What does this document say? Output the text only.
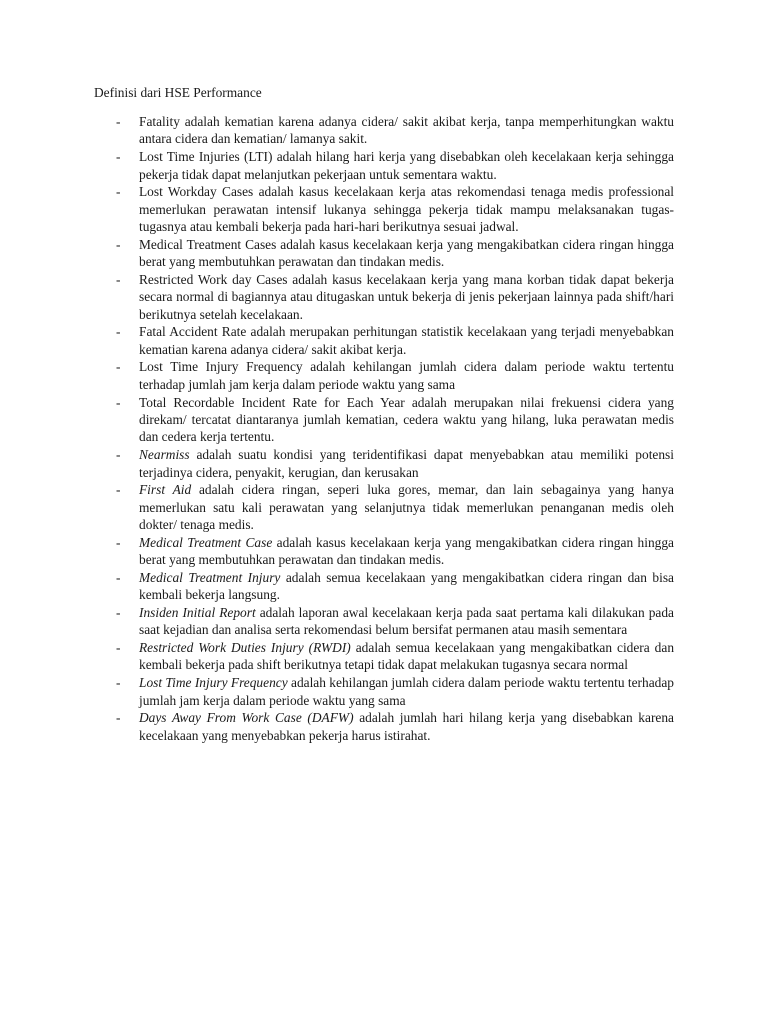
Definisi dari HSE Performance
- Fatality adalah kematian karena adanya cidera/ sakit akibat kerja, tanpa memperhitungkan waktu antara cidera dan kematian/ lamanya sakit.
- Lost Time Injuries (LTI) adalah hilang hari kerja yang disebabkan oleh kecelakaan kerja sehingga pekerja tidak dapat melanjutkan pekerjaan untuk sementara waktu.
- Lost Workday Cases adalah kasus kecelakaan kerja atas rekomendasi tenaga medis professional memerlukan perawatan intensif lukanya sehingga pekerja tidak mampu melaksanakan tugas-tugasnya atau kembali bekerja pada hari-hari berikutnya sesuai jadwal.
- Medical Treatment Cases adalah kasus kecelakaan kerja yang mengakibatkan cidera ringan hingga berat yang membutuhkan perawatan dan tindakan medis.
- Restricted Work day Cases adalah kasus kecelakaan kerja yang mana korban tidak dapat bekerja secara normal di bagiannya atau ditugaskan untuk bekerja di jenis pekerjaan lainnya pada shift/hari berikutnya setelah kecelakaan.
- Fatal Accident Rate adalah merupakan perhitungan statistik kecelakaan yang terjadi menyebabkan kematian karena adanya cidera/ sakit akibat kerja.
- Lost Time Injury Frequency adalah kehilangan jumlah cidera dalam periode waktu tertentu terhadap jumlah jam kerja dalam periode waktu yang sama
- Total Recordable Incident Rate for Each Year adalah merupakan nilai frekuensi cidera yang direkam/ tercatat diantaranya jumlah kematian, cedera waktu yang hilang, luka perawatan medis dan cedera kerja tertentu.
- Nearmiss adalah suatu kondisi yang teridentifikasi dapat menyebabkan atau memiliki potensi terjadinya cidera, penyakit, kerugian, dan kerusakan
- First Aid adalah cidera ringan, seperi luka gores, memar, dan lain sebagainya yang hanya memerlukan satu kali perawatan yang selanjutnya tidak memerlukan penanganan medis oleh dokter/ tenaga medis.
- Medical Treatment Case adalah kasus kecelakaan kerja yang mengakibatkan cidera ringan hingga berat yang membutuhkan perawatan dan tindakan medis.
- Medical Treatment Injury adalah semua kecelakaan yang mengakibatkan cidera ringan dan bisa kembali bekerja langsung.
- Insiden Initial Report adalah laporan awal kecelakaan kerja pada saat pertama kali dilakukan pada saat kejadian dan analisa serta rekomendasi belum bersifat permanen atau masih sementara
- Restricted Work Duties Injury (RWDI) adalah semua kecelakaan yang mengakibatkan cidera dan kembali bekerja pada shift berikutnya tetapi tidak dapat melakukan tugasnya secara normal
- Lost Time Injury Frequency adalah kehilangan jumlah cidera dalam periode waktu tertentu terhadap jumlah jam kerja dalam periode waktu yang sama
- Days Away From Work Case (DAFW) adalah jumlah hari hilang kerja yang disebabkan karena kecelakaan yang menyebabkan pekerja harus istirahat.
